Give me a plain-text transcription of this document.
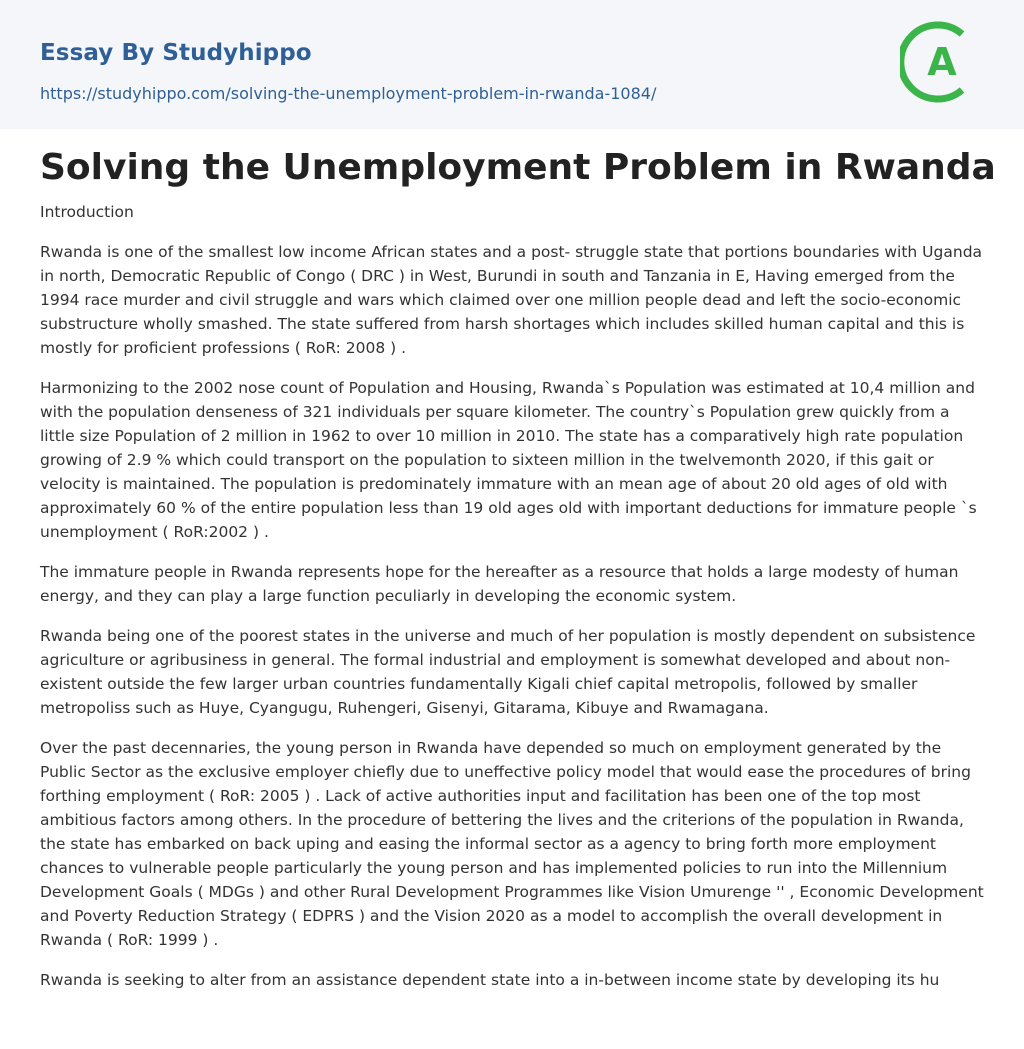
Essay By Studyhippo
https://studyhippo.com/solving-the-unemployment-problem-in-rwanda-1084/
A
Solving the Unemployment Problem in Rwanda

Introduction

Rwanda is one of the smallest low income African states and a post- struggle state that portions boundaries with Uganda in north, Democratic Republic of Congo ( DRC ) in West, Burundi in south and Tanzania in E, Having emerged from the 1994 race murder and civil struggle and wars which claimed over one million people dead and left the socio-economic substructure wholly smashed. The state suffered from harsh shortages which includes skilled human capital and this is mostly for proficient professions ( RoR: 2008 ) .

Harmonizing to the 2002 nose count of Population and Housing, Rwanda`s Population was estimated at 10,4 million and with the population denseness of 321 individuals per square kilometer. The country`s Population grew quickly from a little size Population of 2 million in 1962 to over 10 million in 2010. The state has a comparatively high rate population growing of 2.9 % which could transport on the population to sixteen million in the twelvemonth 2020, if this gait or velocity is maintained. The population is predominately immature with an mean age of about 20 old ages of old with approximately 60 % of the entire population less than 19 old ages old with important deductions for immature people `s unemployment ( RoR:2002 ) .

The immature people in Rwanda represents hope for the hereafter as a resource that holds a large modesty of human energy, and they can play a large function peculiarly in developing the economic system.

Rwanda being one of the poorest states in the universe and much of her population is mostly dependent on subsistence agriculture or agribusiness in general. The formal industrial and employment is somewhat developed and about non-existent outside the few larger urban countries fundamentally Kigali chief capital metropolis, followed by smaller metropoliss such as Huye, Cyangugu, Ruhengeri, Gisenyi, Gitarama, Kibuye and Rwamagana.

Over the past decennaries, the young person in Rwanda have depended so much on employment generated by the Public Sector as the exclusive employer chiefly due to uneffective policy model that would ease the procedures of bring forthing employment ( RoR: 2005 ) . Lack of active authorities input and facilitation has been one of the top most ambitious factors among others. In the procedure of bettering the lives and the criterions of the population in Rwanda, the state has embarked on back uping and easing the informal sector as a agency to bring forth more employment chances to vulnerable people particularly the young person and has implemented policies to run into the Millennium Development Goals ( MDGs ) and other Rural Development Programmes like Vision Umurenge '' , Economic Development and Poverty Reduction Strategy ( EDPRS ) and the Vision 2020 as a model to accomplish the overall development in Rwanda ( RoR: 1999 ) .

Rwanda is seeking to alter from an assistance dependent state into a in-between income state by developing its hu
